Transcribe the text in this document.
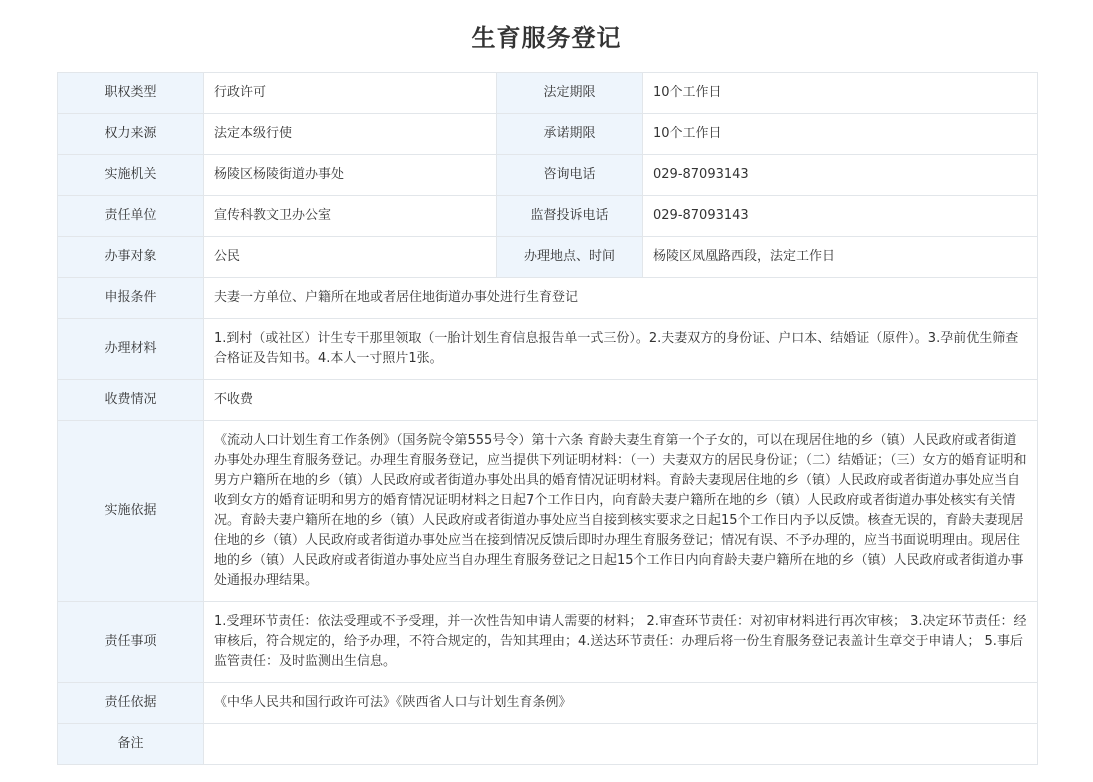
生育服务登记
职权类型	行政许可	法定期限	10个工作日
权力来源	法定本级行使	承诺期限	10个工作日
实施机关	杨陵区杨陵街道办事处	咨询电话	029-87093143
责任单位	宣传科教文卫办公室	监督投诉电话	029-87093143
办事对象	公民	办理地点、时间	杨陵区凤凰路西段，法定工作日
申报条件	夫妻一方单位、户籍所在地或者居住地街道办事处进行生育登记		
办理材料	1.到村（或社区）计生专干那里领取（一胎计划生育信息报告单一式三份）。2.夫妻双方的身份证、户口本、结婚证（原件）。3.孕前优生筛查合格证及告知书。4.本人一寸照片1张。		
收费情况	不收费		
实施依据	《流动人口计划生育工作条例》（国务院令第555号令）第十六条 育龄夫妻生育第一个子女的，可以在现居住地的乡（镇）人民政府或者街道办事处办理生育服务登记。办理生育服务登记，应当提供下列证明材料：（一）夫妻双方的居民身份证；（二）结婚证；（三）女方的婚育证明和男方户籍所在地的乡（镇）人民政府或者街道办事处出具的婚育情况证明材料。育龄夫妻现居住地的乡（镇）人民政府或者街道办事处应当自收到女方的婚育证明和男方的婚育情况证明材料之日起7个工作日内，向育龄夫妻户籍所在地的乡（镇）人民政府或者街道办事处核实有关情况。育龄夫妻户籍所在地的乡（镇）人民政府或者街道办事处应当自接到核实要求之日起15个工作日内予以反馈。核查无误的，育龄夫妻现居住地的乡（镇）人民政府或者街道办事处应当在接到情况反馈后即时办理生育服务登记；情况有误、不予办理的，应当书面说明理由。现居住地的乡（镇）人民政府或者街道办事处应当自办理生育服务登记之日起15个工作日内向育龄夫妻户籍所在地的乡（镇）人民政府或者街道办事处通报办理结果。		
责任事项	1.受理环节责任：依法受理或不予受理，并一次性告知申请人需要的材料； 2.审查环节责任：对初审材料进行再次审核； 3.决定环节责任：经审核后，符合规定的，给予办理，不符合规定的，告知其理由；4.送达环节责任：办理后将一份生育服务登记表盖计生章交于申请人； 5.事后监管责任：及时监测出生信息。		
责任依据	《中华人民共和国行政许可法》《陕西省人口与计划生育条例》		
备注			
